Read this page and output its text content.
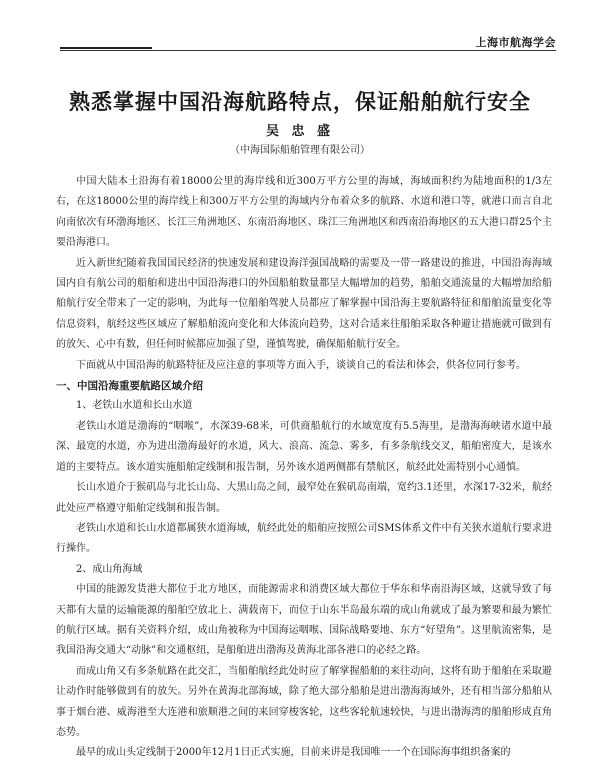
上海市航海学会
熟悉掌握中国沿海航路特点，保证船舶航行安全
吴 忠 盛
（中海国际船舶管理有限公司）

中国大陆本土沿海有着18000公里的海岸线和近300万平方公里的海域，海域面积约为陆地面积的1/3左右，在这18000公里的海岸线上和300万平方公里的海域内分布着众多的航路、水道和港口等，就港口而言自北向南依次有环渤海地区、长江三角洲地区、东南沿海地区、珠江三角洲地区和西南沿海地区的五大港口群25个主要沿海港口。

近入新世纪随着我国国民经济的快速发展和建设海洋强国战略的需要及一带一路建设的推进，中国沿海海域国内自有航公司的船舶和进出中国沿海港口的外国船舶数量都呈大幅增加的趋势，船舶交通流量的大幅增加给船舶航行安全带来了一定的影响，为此每一位船舶驾驶人员都应了解掌握中国沿海主要航路特征和船舶流量变化等信息资料，航经这些区域应了解船舶流向变化和大体流向趋势，这对合适来往船舶采取各种避让措施就可做到有的放矢、心中有数，但任何时候都应加强了望，谨慎驾驶，确保船舶航行安全。

下面就从中国沿海的航路特征及应注意的事项等方面入手，谈谈自己的看法和体会，供各位同行参考。

一、中国沿海重要航路区域介绍

1、老铁山水道和长山水道

老铁山水道是渤海的“咽喉”，水深39-68米，可供商船航行的水域宽度有5.5海里，是渤海海峡诸水道中最深、最宽的水道，亦为进出渤海最好的水道，风大、浪高、流急、雾多，有多条航线交叉，船舶密度大，是该水道的主要特点。该水道实施船舶定线制和报告制，另外该水道两侧都有禁航区，航经此处需特别小心通慎。

长山水道介于猴矶岛与北长山岛、大黑山岛之间，最窄处在猴矶岛南端，宽约3.1还里，水深17-32米，航经此处应严格遵守船舶定线制和报告制。

老铁山水道和长山水道都属狭水道海域，航经此处的船舶应按照公司SMS体系文件中有关狭水道航行要求进行操作。

2、成山角海域

中国的能源发货港大都位于北方地区，而能源需求和消费区域大都位于华东和华南沿海区域，这就导致了每天都有大量的运输能源的船舶空放北上、满载南下，而位于山东半岛最东端的成山角就成了最为繁要和最为繁忙的航行区域。据有关资料介绍，成山角被称为中国海运咽喉、国际战略要地、东方“好望角”。这里航流密集，是我国沿海交通大“动脉”和交通枢纽，是船舶进出渤海及黄海北部各港口的必经之路。

而成山角又有多条航路在此交汇，当船舶航经此处时应了解掌握船舶的来往动向，这将有助于船舶在采取避让动作时能够做到有的放矢。另外在黄海北部海域，除了绝大部分船舶是进出渤海海域外，还有相当部分船舶从事于烟台港、威海港至大连港和旅顺港之间的来回穿梭客轮，这些客轮航速较快，与进出渤海湾的船舶形成直角态势。

最早的成山头定线制于2000年12月1日正式实施，目前来讲是我国唯一一个在国际海事组织备案的
